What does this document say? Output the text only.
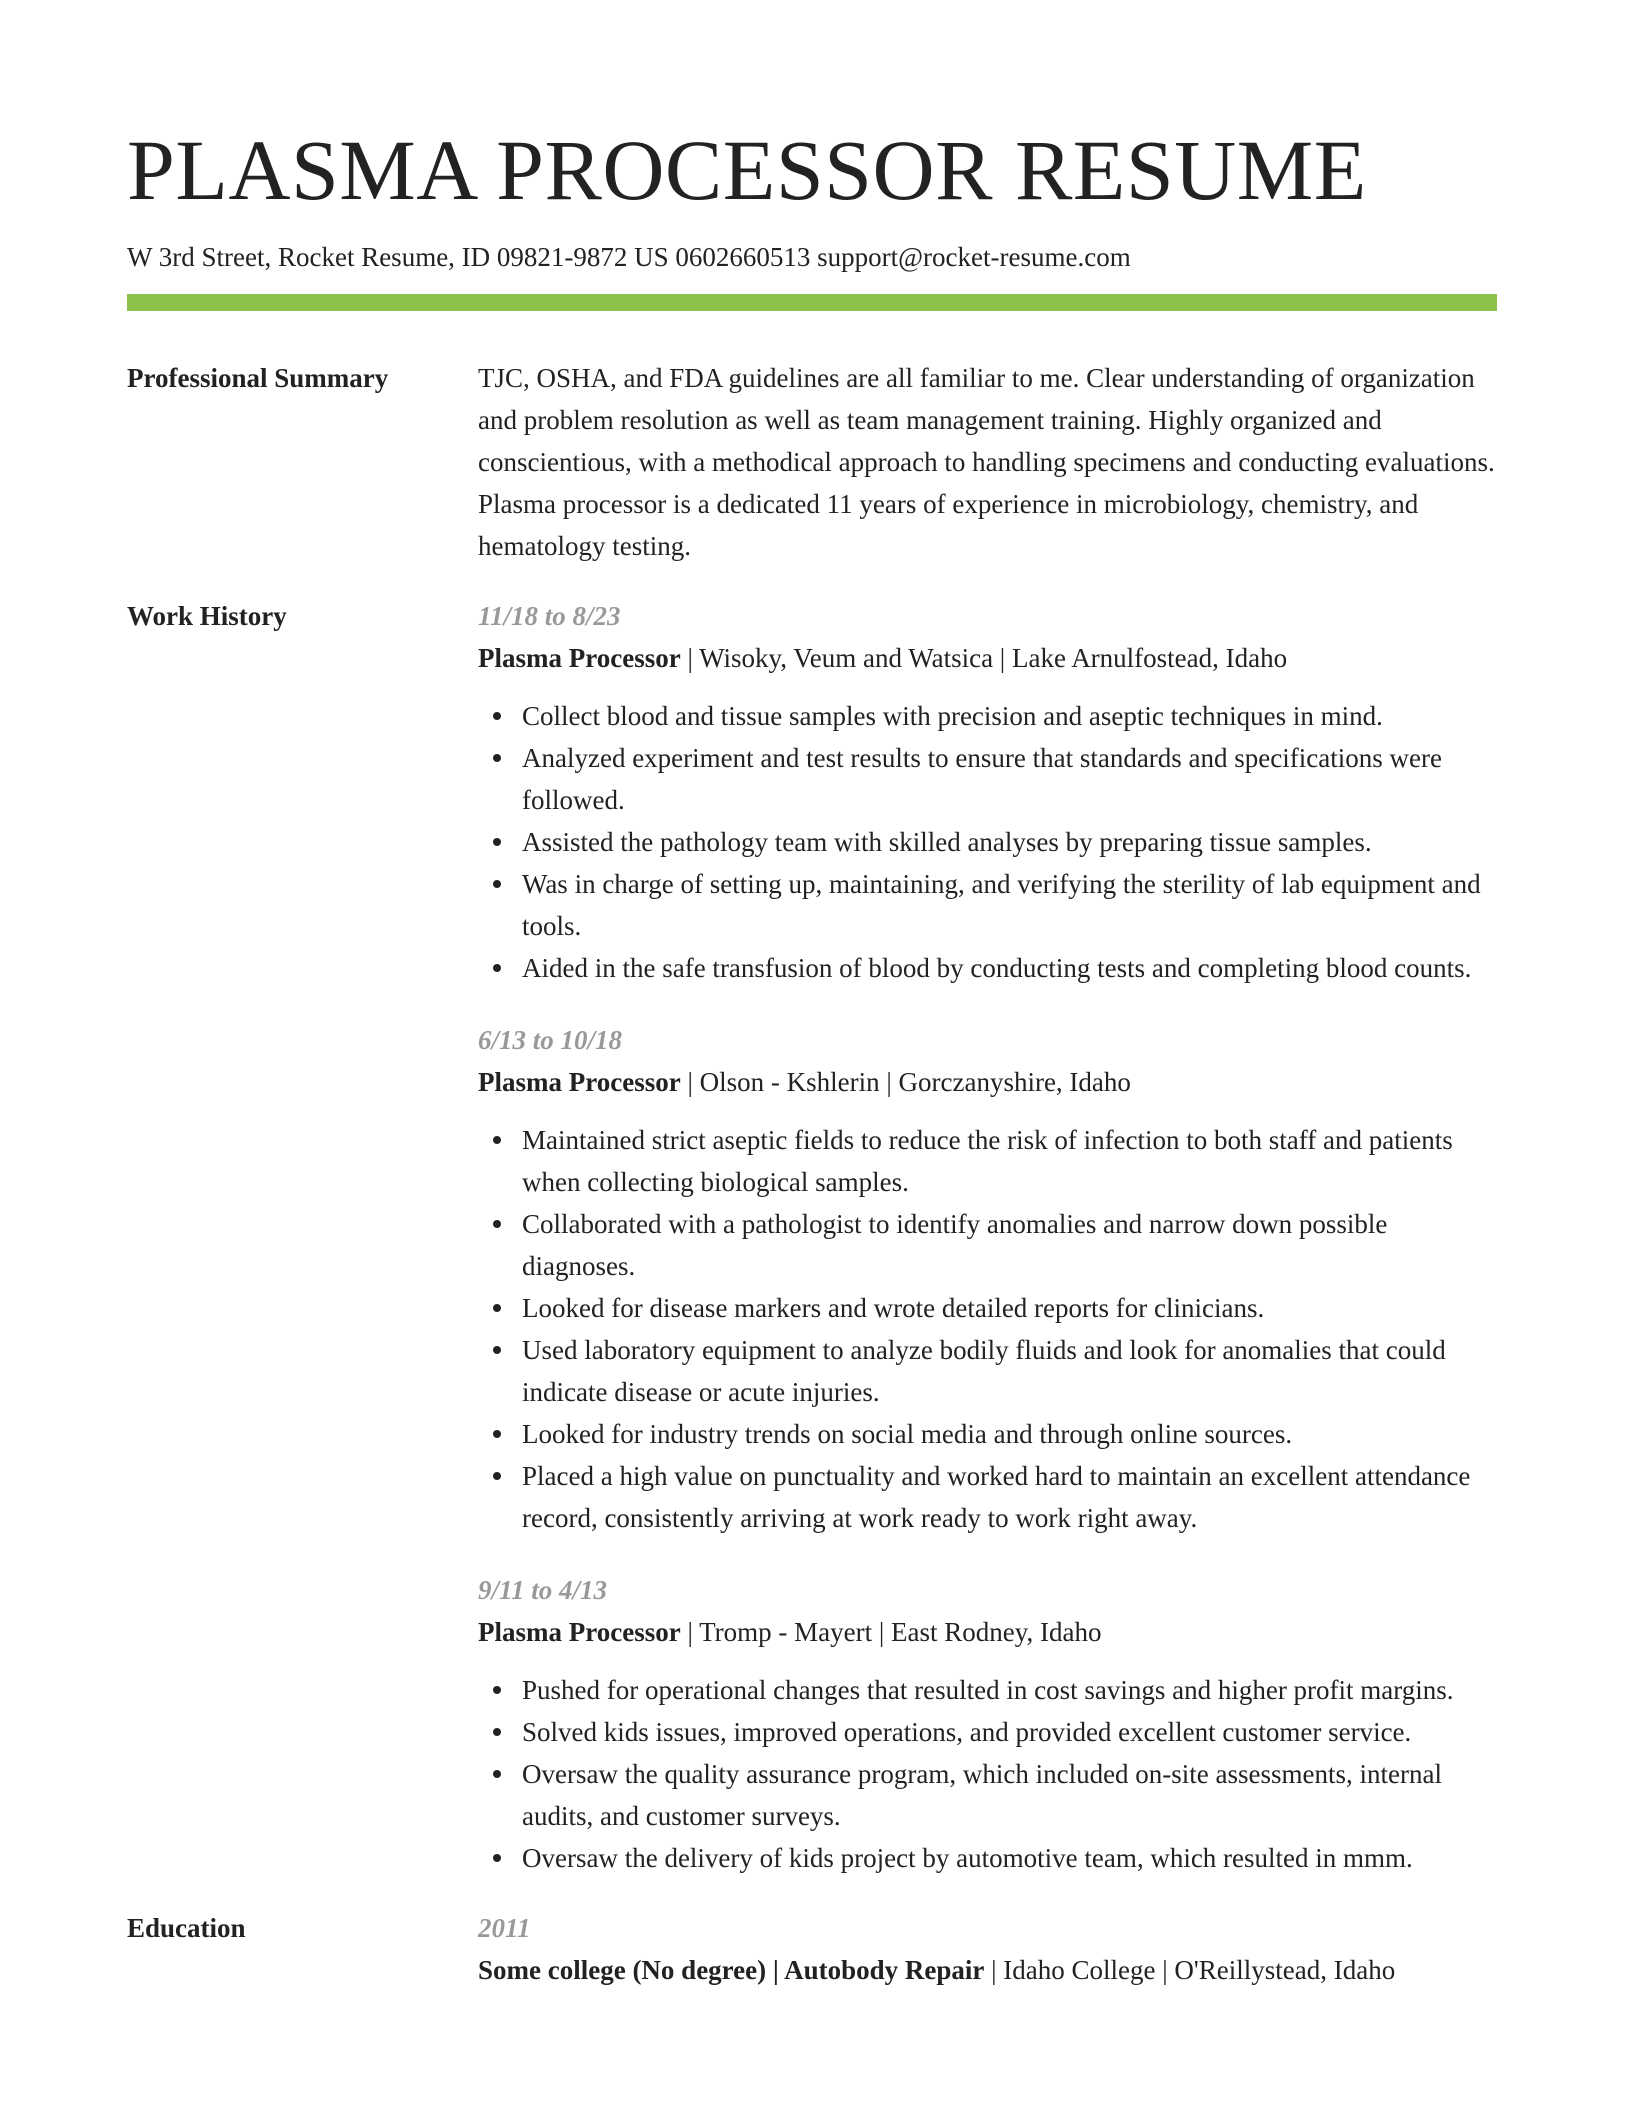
PLASMA PROCESSOR RESUME
W 3rd Street, Rocket Resume, ID 09821-9872 US 0602660513 support@rocket-resume.com
Professional Summary	TJC, OSHA, and FDA guidelines are all familiar to me. Clear understanding of organization and problem resolution as well as team management training. Highly organized and conscientious, with a methodical approach to handling specimens and conducting evaluations. Plasma processor is a dedicated 11 years of experience in microbiology, chemistry, and hematology testing.

Work History	11/18 to 8/23
Plasma Processor | Wisoky, Veum and Watsica | Lake Arnulfostead, Idaho
Collect blood and tissue samples with precision and aseptic techniques in mind.
Analyzed experiment and test results to ensure that standards and specifications were followed.
Assisted the pathology team with skilled analyses by preparing tissue samples.
Was in charge of setting up, maintaining, and verifying the sterility of lab equipment and tools.
Aided in the safe transfusion of blood by conducting tests and completing blood counts.
6/13 to 10/18
Plasma Processor | Olson - Kshlerin | Gorczanyshire, Idaho
Maintained strict aseptic fields to reduce the risk of infection to both staff and patients when collecting biological samples.
Collaborated with a pathologist to identify anomalies and narrow down possible diagnoses.
Looked for disease markers and wrote detailed reports for clinicians.
Used laboratory equipment to analyze bodily fluids and look for anomalies that could indicate disease or acute injuries.
Looked for industry trends on social media and through online sources.
Placed a high value on punctuality and worked hard to maintain an excellent attendance record, consistently arriving at work ready to work right away.
9/11 to 4/13
Plasma Processor | Tromp - Mayert | East Rodney, Idaho
Pushed for operational changes that resulted in cost savings and higher profit margins.
Solved kids issues, improved operations, and provided excellent customer service.
Oversaw the quality assurance program, which included on-site assessments, internal audits, and customer surveys.
Oversaw the delivery of kids project by automotive team, which resulted in mmm.
Education	2011
Some college (No degree) | Autobody Repair | Idaho College | O'Reillystead, Idaho
